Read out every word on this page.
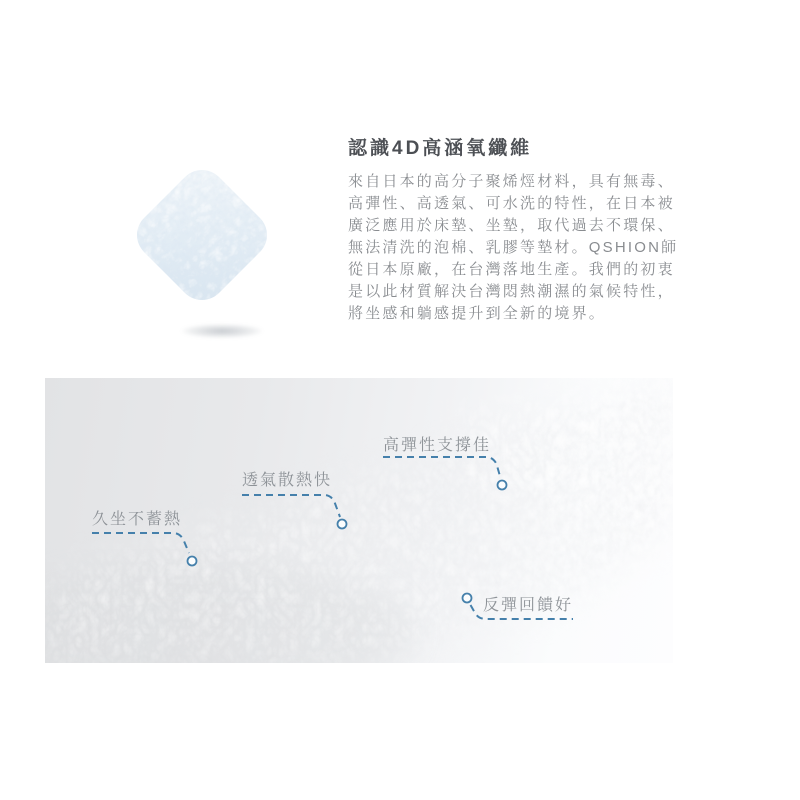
認識4D高涵氧纖維

來自日本的高分子聚烯烴材料，具有無毒、
高彈性、高透氣、可水洗的特性，在日本被
廣泛應用於床墊、坐墊，取代過去不環保、
無法清洗的泡棉、乳膠等墊材。QSHION師
從日本原廠，在台灣落地生產。我們的初衷
是以此材質解決台灣悶熱潮濕的氣候特性，
將坐感和躺感提升到全新的境界。

久坐不蓄熱
透氣散熱快
高彈性支撐佳
反彈回饋好
